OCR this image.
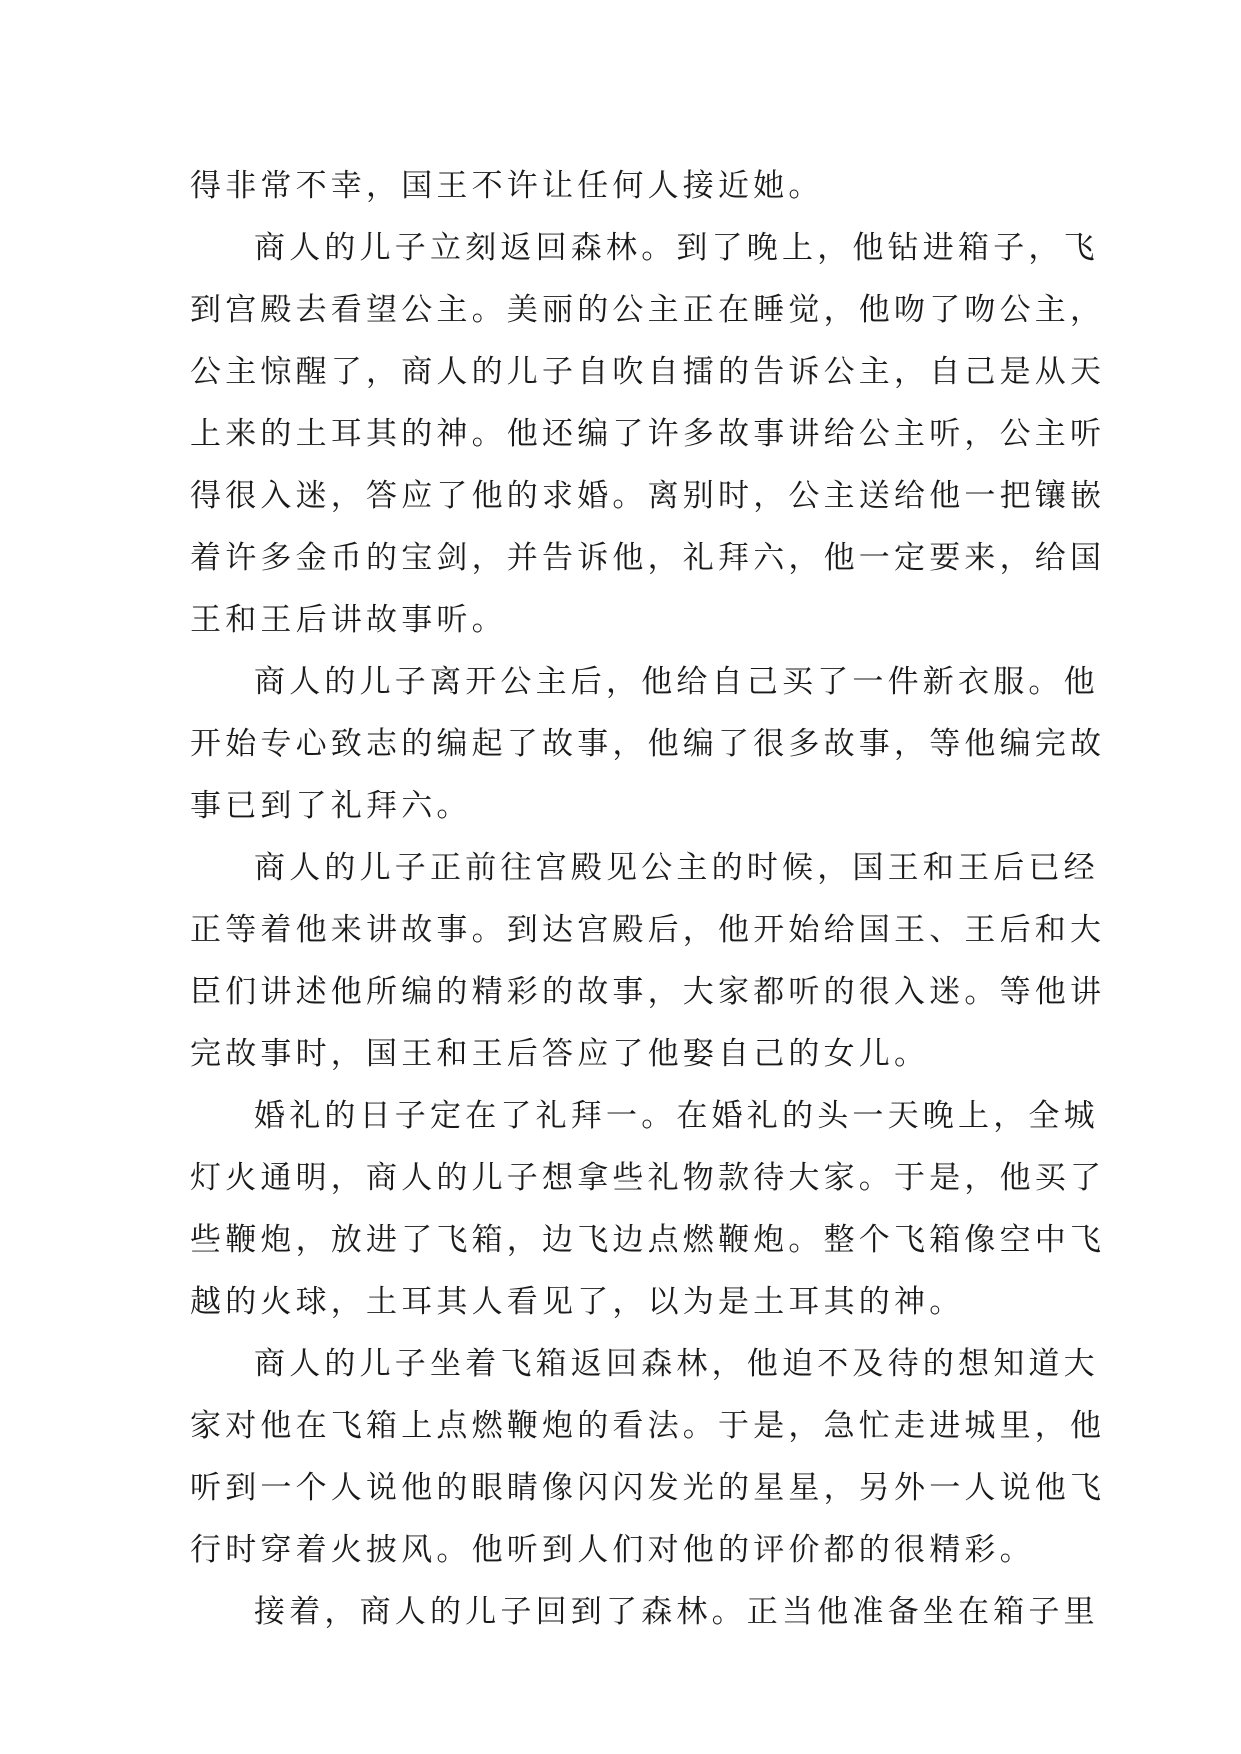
得非常不幸，国王不许让任何人接近她。
商人的儿子立刻返回森林。到了晚上，他钻进箱子，飞
到宫殿去看望公主。美丽的公主正在睡觉，他吻了吻公主，
公主惊醒了，商人的儿子自吹自擂的告诉公主，自己是从天
上来的土耳其的神。他还编了许多故事讲给公主听，公主听
得很入迷，答应了他的求婚。离别时，公主送给他一把镶嵌
着许多金币的宝剑，并告诉他，礼拜六，他一定要来，给国
王和王后讲故事听。
商人的儿子离开公主后，他给自己买了一件新衣服。他
开始专心致志的编起了故事，他编了很多故事，等他编完故
事已到了礼拜六。
商人的儿子正前往宫殿见公主的时候，国王和王后已经
正等着他来讲故事。到达宫殿后，他开始给国王、王后和大
臣们讲述他所编的精彩的故事，大家都听的很入迷。等他讲
完故事时，国王和王后答应了他娶自己的女儿。
婚礼的日子定在了礼拜一。在婚礼的头一天晚上，全城
灯火通明，商人的儿子想拿些礼物款待大家。于是，他买了
些鞭炮，放进了飞箱，边飞边点燃鞭炮。整个飞箱像空中飞
越的火球，土耳其人看见了，以为是土耳其的神。
商人的儿子坐着飞箱返回森林，他迫不及待的想知道大
家对他在飞箱上点燃鞭炮的看法。于是，急忙走进城里，他
听到一个人说他的眼睛像闪闪发光的星星，另外一人说他飞
行时穿着火披风。他听到人们对他的评价都的很精彩。
接着，商人的儿子回到了森林。正当他准备坐在箱子里
